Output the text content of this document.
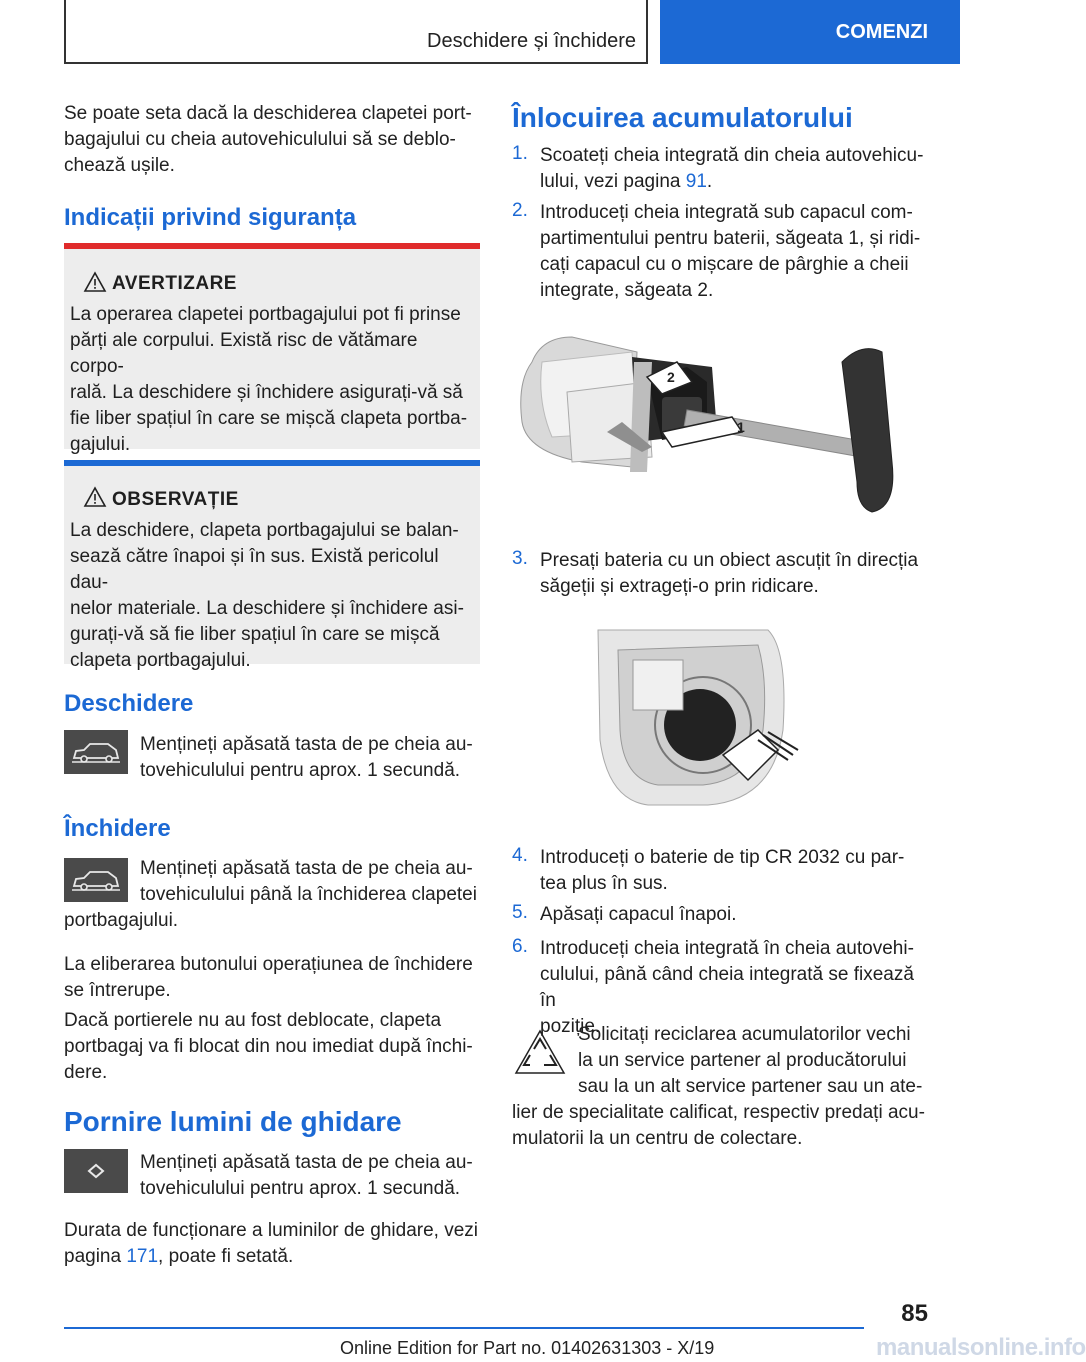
Deschidere și închidere	COMENZI
Se poate seta dacă la deschiderea clapetei port-
bagajului cu cheia autovehiculului să se deblo-
chează ușile.
Indicații privind siguranța
AVERTIZARE
La operarea clapetei portbagajului pot fi prinse
părți ale corpului. Există risc de vătămare corpo-
rală. La deschidere și închidere asigurați-vă să
fie liber spațiul în care se mișcă clapeta portba-
gajului.
OBSERVAȚIE
La deschidere, clapeta portbagajului se balan-
sează către înapoi și în sus. Există pericolul dau-
nelor materiale. La deschidere și închidere asi-
gurați-vă să fie liber spațiul în care se mișcă
clapeta portbagajului.
Deschidere
Mențineți apăsată tasta de pe cheia au-
tovehiculului pentru aprox. 1 secundă.
Închidere
Mențineți apăsată tasta de pe cheia au-
tovehiculului până la închiderea clapetei
portbagajului.
La eliberarea butonului operațiunea de închidere
se întrerupe.
Dacă portierele nu au fost deblocate, clapeta
portbagaj va fi blocat din nou imediat după închi-
dere.
Pornire lumini de ghidare
Mențineți apăsată tasta de pe cheia au-
tovehiculului pentru aprox. 1 secundă.
Durata de funcționare a luminilor de ghidare, vezi
pagina 171, poate fi setată.
Înlocuirea acumulatorului
1. Scoateți cheia integrată din cheia autovehicu-
lului, vezi pagina 91.
2. Introduceți cheia integrată sub capacul com-
partimentului pentru baterii, săgeata 1, și ridi-
cați capacul cu o mișcare de pârghie a cheii
integrate, săgeata 2.
2
1
3. Presați bateria cu un obiect ascuțit în direcția
săgeții și extrageți-o prin ridicare.
4. Introduceți o baterie de tip CR 2032 cu par-
tea plus în sus.
5. Apăsați capacul înapoi.
6. Introduceți cheia integrată în cheia autovehi-
culului, până când cheia integrată se fixează în
poziție.
Solicitați reciclarea acumulatorilor vechi
la un service partener al producătorului
sau la un alt service partener sau un ate-
lier de specialitate calificat, respectiv predați acu-
mulatorii la un centru de colectare.
85
Online Edition for Part no. 01402631303 - X/19	manualsonline.info
